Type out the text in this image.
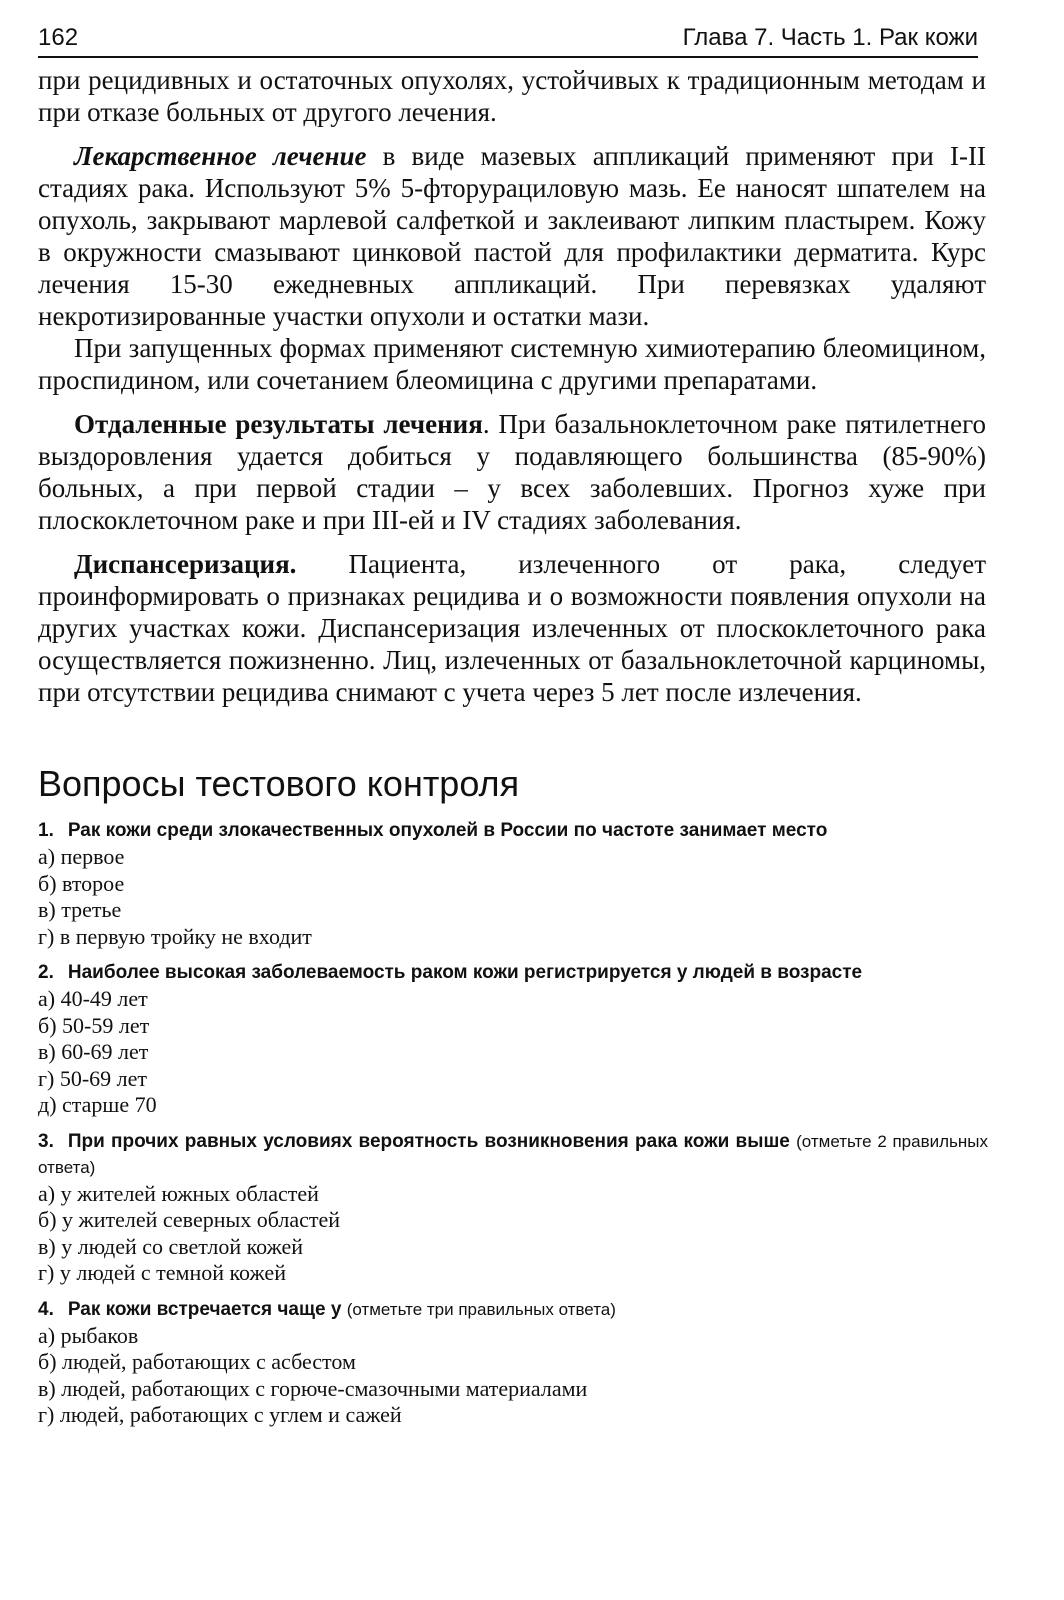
162	Глава 7. Часть 1. Рак кожи

при рецидивных и остаточных опухолях, устойчивых к традиционным методам и при отказе больных от другого лечения.

Лекарственное лечение в виде мазевых аппликаций применяют при I-II стадиях рака. Используют 5% 5-фторурациловую мазь. Ее наносят шпателем на опухоль, закрывают марлевой салфеткой и заклеивают липким пластырем. Кожу в окружности смазывают цинковой пастой для профилактики дерматита. Курс лечения 15-30 ежедневных аппликаций. При перевязках удаляют некротизированные участки опухоли и остатки мази.

При запущенных формах применяют системную химиотерапию блеомицином, проспидином, или сочетанием блеомицина с другими препаратами.

Отдаленные результаты лечения. При базальноклеточном раке пятилетнего выздоровления удается добиться у подавляющего большинства (85-90%) больных, а при первой стадии – у всех заболевших. Прогноз хуже при плоскоклеточном раке и при III-ей и IV стадиях заболевания.

Диспансеризация. Пациента, излеченного от рака, следует проинформировать о признаках рецидива и о возможности появления опухоли на других участках кожи. Диспансеризация излеченных от плоскоклеточного рака осуществляется пожизненно. Лиц, излеченных от базальноклеточной карциномы, при отсутствии рецидива снимают с учета через 5 лет после излечения.

Вопросы тестового контроля
1. Рак кожи среди злокачественных опухолей в России по частоте занимает место

а) первое

б) второе

в) третье

г) в первую тройку не входит

2. Наиболее высокая заболеваемость раком кожи регистрируется у людей в возрасте

а) 40-49 лет

б) 50-59 лет

в) 60-69 лет

г) 50-69 лет

д) старше 70

3. При прочих равных условиях вероятность возникновения рака кожи выше (отметьте 2 правильных ответа)

а) у жителей южных областей

б) у жителей северных областей

в) у людей со светлой кожей

г) у людей с темной кожей

4. Рак кожи встречается чаще у (отметьте три правильных ответа)

а) рыбаков

б) людей, работающих с асбестом

в) людей, работающих с горюче-смазочными материалами

г) людей, работающих с углем и сажей
